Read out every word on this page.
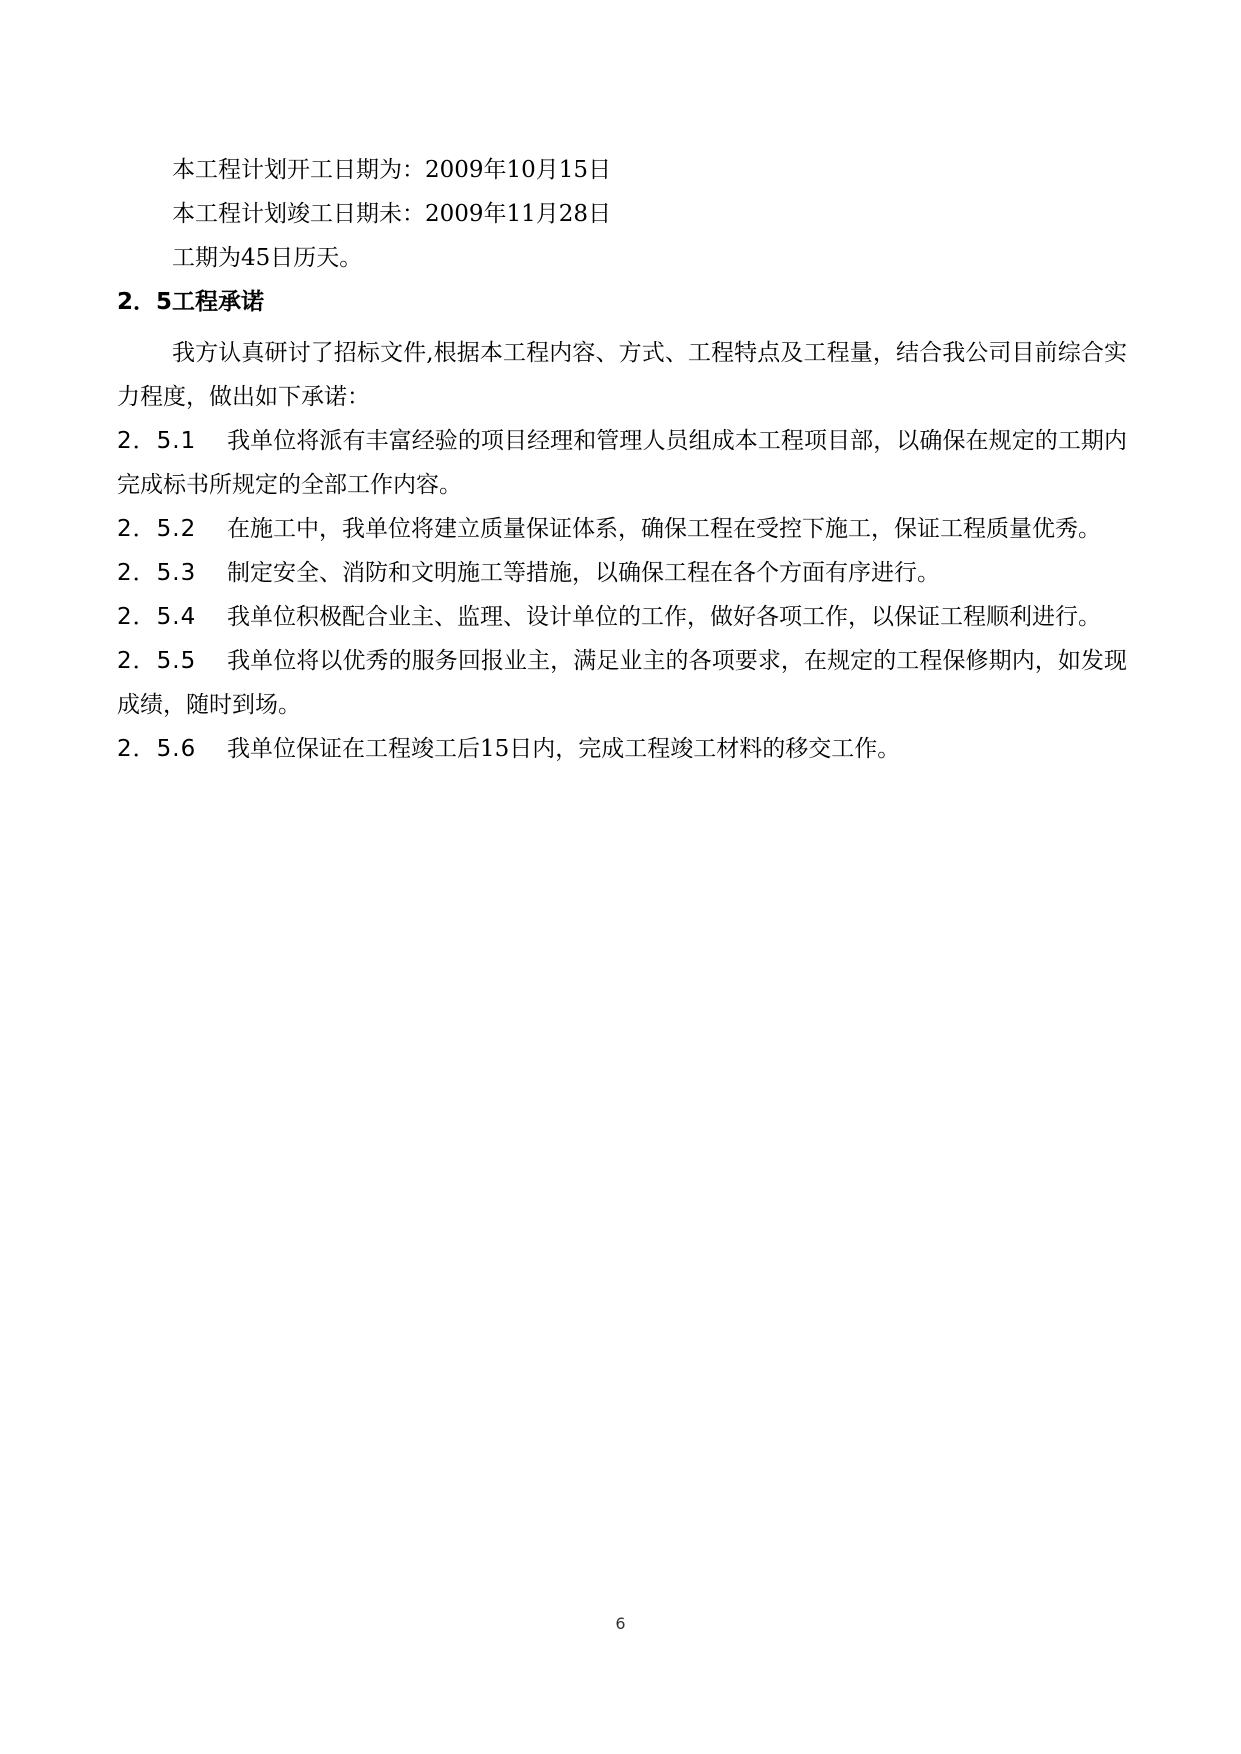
本工程计划开工日期为：2009年10月15日
本工程计划竣工日期未：2009年11月28日
工期为45日历天。
2．5工程承诺

我方认真研讨了招标文件,根据本工程内容、方式、工程特点及工程量，结合我公司目前综合实力程度，做出如下承诺：

2．5.1 我单位将派有丰富经验的项目经理和管理人员组成本工程项目部，以确保在规定的工期内完成标书所规定的全部工作内容。

2．5.2 在施工中，我单位将建立质量保证体系，确保工程在受控下施工，保证工程质量优秀。

2．5.3 制定安全、消防和文明施工等措施，以确保工程在各个方面有序进行。

2．5.4 我单位积极配合业主、监理、设计单位的工作，做好各项工作，以保证工程顺利进行。

2．5.5 我单位将以优秀的服务回报业主，满足业主的各项要求，在规定的工程保修期内，如发现成绩，随时到场。

2．5.6 我单位保证在工程竣工后15日内，完成工程竣工材料的移交工作。

6
